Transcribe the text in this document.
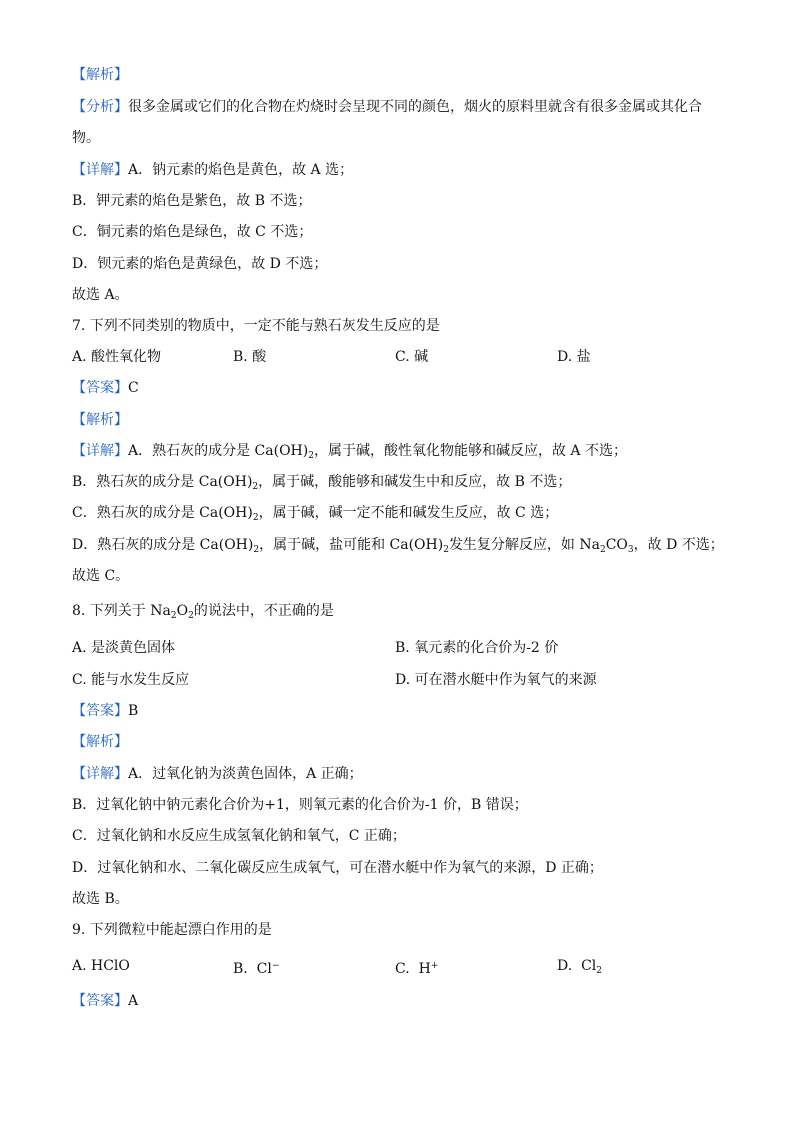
【解析】
【分析】很多金属或它们的化合物在灼烧时会呈现不同的颜色，烟火的原料里就含有很多金属或其化合
物。
【详解】A．钠元素的焰色是黄色，故 A 选；
B．钾元素的焰色是紫色，故 B 不选；
C．铜元素的焰色是绿色，故 C 不选；
D．钡元素的焰色是黄绿色，故 D 不选；
故选 A。
7. 下列不同类别的物质中，一定不能与熟石灰发生反应的是
A. 酸性氧化物	B. 酸	C. 碱	D. 盐
【答案】C
【解析】
【详解】A．熟石灰的成分是 $Ca(OH)_2$，属于碱，酸性氧化物能够和碱反应，故 A 不选；
B．熟石灰的成分是 $Ca(OH)_2$，属于碱，酸能够和碱发生中和反应，故 B 不选；
C．熟石灰的成分是 $Ca(OH)_2$，属于碱，碱一定不能和碱发生反应，故 C 选；
D．熟石灰的成分是 $Ca(OH)_2$，属于碱，盐可能和 $Ca(OH)_2$发生复分解反应，如 $Na_2CO_3$，故 D 不选；
故选 C。
8. 下列关于 $Na_2O_2$的说法中，不正确的是
A. 是淡黄色固体	B. 氧元素的化合价为-2 价
C. 能与水发生反应	D. 可在潜水艇中作为氧气的来源
【答案】B
【解析】
【详解】A．过氧化钠为淡黄色固体，A 正确；
B．过氧化钠中钠元素化合价为+1，则氧元素的化合价为-1 价，B 错误；
C．过氧化钠和水反应生成氢氧化钠和氧气，C 正确；
D．过氧化钠和水、二氧化碳反应生成氧气，可在潜水艇中作为氧气的来源，D 正确；
故选 B。
9. 下列微粒中能起漂白作用的是
A. HClO	B. Cl−	C. H+	D. $Cl_2$
【答案】A
